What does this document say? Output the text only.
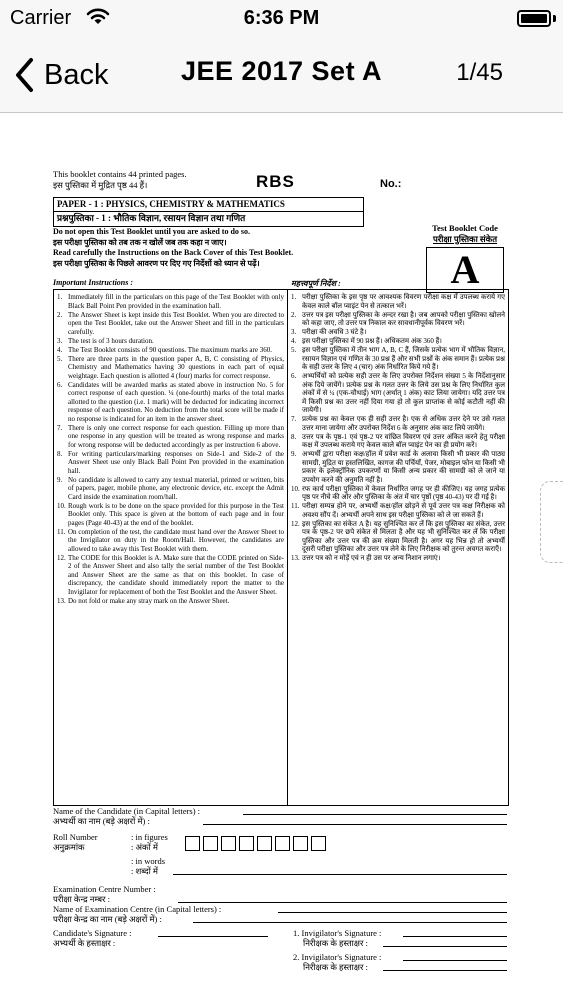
Carrier	6:36 PM
Back	JEE 2017 Set A	1/45
This booklet contains 44 printed pages.
इस पुस्तिका में मुद्रित पृष्ठ 44 हैं।	RBS	No.:
PAPER - 1 : PHYSICS, CHEMISTRY & MATHEMATICS
प्रश्नपुस्तिका - 1 : भौतिक विज्ञान, रसायन विज्ञान तथा गणित
Do not open this Test Booklet until you are asked to do so.
इस परीक्षा पुस्तिका को तब तक न खोलें जब तक कहा न जाए।
Read carefully the Instructions on the Back Cover of this Test Booklet.
इस परीक्षा पुस्तिका के पिछले आवरण पर दिए गए निर्देशों को ध्यान से पढ़ें।
Test Booklet Code
परीक्षा पुस्तिका संकेत
A
Important Instructions :	महत्त्वपूर्ण निर्देश :
1. Immediately fill in the particulars on this page of the Test Booklet with only Black Ball Point Pen provided in the examination hall.
2. The Answer Sheet is kept inside this Test Booklet. When you are directed to open the Test Booklet, take out the Answer Sheet and fill in the particulars carefully.
3. The test is of 3 hours duration.
4. The Test Booklet consists of 90 questions. The maximum marks are 360.
5. There are three parts in the question paper A, B, C consisting of Physics, Chemistry and Mathematics having 30 questions in each part of equal weightage. Each question is allotted 4 (four) marks for correct response.
6. Candidates will be awarded marks as stated above in instruction No. 5 for correct response of each question. ¼ (one-fourth) marks of the total marks allotted to the question (i.e. 1 mark) will be deducted for indicating incorrect response of each question. No deduction from the total score will be made if no response is indicated for an item in the answer sheet.
7. There is only one correct response for each question. Filling up more than one response in any question will be treated as wrong response and marks for wrong response will be deducted accordingly as per instruction 6 above.
8. For writing particulars/marking responses on Side-1 and Side-2 of the Answer Sheet use only Black Ball Point Pen provided in the examination hall.
9. No candidate is allowed to carry any textual material, printed or written, bits of papers, pager, mobile phone, any electronic device, etc. except the Admit Card inside the examination room/hall.
10. Rough work is to be done on the space provided for this purpose in the Test Booklet only. This space is given at the bottom of each page and in four pages (Page 40-43) at the end of the booklet.
11. On completion of the test, the candidate must hand over the Answer Sheet to the Invigilator on duty in the Room/Hall. However, the candidates are allowed to take away this Test Booklet with them.
12. The CODE for this Booklet is A. Make sure that the CODE printed on Side-2 of the Answer Sheet and also tally the serial number of the Test Booklet and Answer Sheet are the same as that on this booklet. In case of discrepancy, the candidate should immediately report the matter to the Invigilator for replacement of both the Test Booklet and the Answer Sheet.
13. Do not fold or make any stray mark on the Answer Sheet.
1. परीक्षा पुस्तिका के इस पृष्ठ पर आवश्यक विवरण परीक्षा कक्ष में उपलब्ध कराये गए केवल काले बॉल प्वाइंट पेन से तत्काल भरें।
2. उत्तर पत्र इस परीक्षा पुस्तिका के अन्दर रखा है। जब आपको परीक्षा पुस्तिका खोलने को कहा जाए, तो उत्तर पत्र निकाल कर सावधानीपूर्वक विवरण भरें।
3. परीक्षा की अवधि 3 घंटे है।
4. इस परीक्षा पुस्तिका में 90 प्रश्न हैं। अधिकतम अंक 360 हैं।
5. इस परीक्षा पुस्तिका में तीन भाग A, B, C हैं, जिसके प्रत्येक भाग में भौतिक विज्ञान, रसायन विज्ञान एवं गणित के 30 प्रश्न हैं और सभी प्रश्नों के अंक समान हैं। प्रत्येक प्रश्न के सही उत्तर के लिए 4 (चार) अंक निर्धारित किये गये हैं।
6. अभ्यर्थियों को प्रत्येक सही उत्तर के लिए उपरोक्त निर्देशन संख्या 5 के निर्देशानुसार अंक दिये जायेंगे। प्रत्येक प्रश्न के गलत उत्तर के लिये उस प्रश्न के लिए निर्धारित कुल अंकों में से ¼ (एक-चौथाई) भाग (अर्थात् 1 अंक) काट लिया जायेगा। यदि उत्तर पत्र में किसी प्रश्न का उत्तर नहीं दिया गया हो तो कुल प्राप्तांक से कोई कटौती नहीं की जायेगी।
7. प्रत्येक प्रश्न का केवल एक ही सही उत्तर है। एक से अधिक उत्तर देने पर उसे गलत उत्तर माना जायेगा और उपरोक्त निर्देश 6 के अनुसार अंक काट लिये जायेंगे।
8. उत्तर पत्र के पृष्ठ-1 एवं पृष्ठ-2 पर वांछित विवरण एवं उत्तर अंकित करने हेतु परीक्षा कक्ष में उपलब्ध कराये गए केवल काले बॉल प्वाइंट पेन का ही प्रयोग करें।
9. अभ्यर्थी द्वारा परीक्षा कक्ष/हॉल में प्रवेश कार्ड के अलावा किसी भी प्रकार की पाठ्य सामग्री, मुद्रित या हस्तलिखित, कागज की पर्चियाँ, पेजर, मोबाइल फोन या किसी भी प्रकार के इलेक्ट्रॉनिक उपकरणों या किसी अन्य प्रकार की सामग्री को ले जाने या उपयोग करने की अनुमति नहीं है।
10. रफ कार्य परीक्षा पुस्तिका में केवल निर्धारित जगह पर ही कीजिए। यह जगह प्रत्येक पृष्ठ पर नीचे की ओर और पुस्तिका के अंत में चार पृष्ठों (पृष्ठ 40-43) पर दी गई है।
11. परीक्षा सम्पन्न होने पर, अभ्यर्थी कक्ष/हॉल छोड़ने से पूर्व उत्तर पत्र कक्ष निरीक्षक को अवश्य सौंप दें। अभ्यर्थी अपने साथ इस परीक्षा पुस्तिका को ले जा सकते हैं।
12. इस पुस्तिका का संकेत A है। यह सुनिश्चित कर लें कि इस पुस्तिका का संकेत, उत्तर पत्र के पृष्ठ-2 पर छपे संकेत से मिलता है और यह भी सुनिश्चित कर लें कि परीक्षा पुस्तिका और उत्तर पत्र की क्रम संख्या मिलती है। अगर यह भिन्न हो तो अभ्यर्थी दूसरी परीक्षा पुस्तिका और उत्तर पत्र लेने के लिए निरीक्षक को तुरन्त अवगत कराएँ।
13. उत्तर पत्र को न मोड़ें एवं न ही उस पर अन्य निशान लगाएं।
Name of the Candidate (in Capital letters) :
अभ्यर्थी का नाम (बड़े अक्षरों में) :
Roll Number
अनुक्रमांक
: in figures
: अंकों में
: in words
: शब्दों में
Examination Centre Number :
परीक्षा केन्द्र नम्बर :
Name of Examination Centre (in Capital letters) :
परीक्षा केन्द्र का नाम (बड़े अक्षरों में) :
Candidate's Signature :
अभ्यर्थी के हस्ताक्षर :
1. Invigilator's Signature :
निरीक्षक के हस्ताक्षर :
2. Invigilator's Signature :
निरीक्षक के हस्ताक्षर :
